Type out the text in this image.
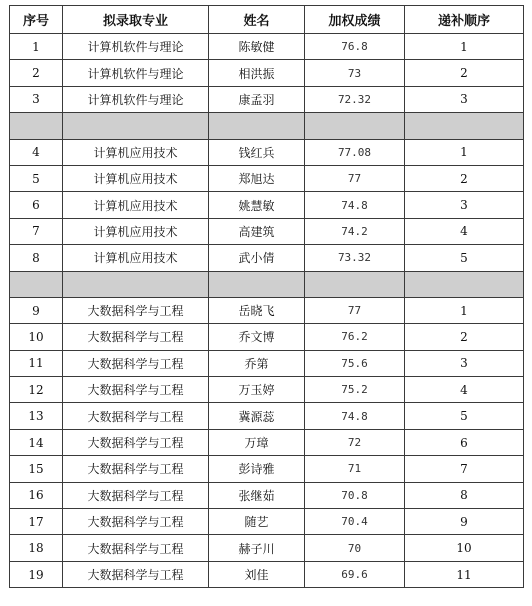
序号	拟录取专业	姓名	加权成绩	递补顺序
1	计算机软件与理论	陈敏健	76.8	1
2	计算机软件与理论	相洪振	73	2
3	计算机软件与理论	康孟羽	72.32	3

4	计算机应用技术	钱红兵	77.08	1
5	计算机应用技术	郑旭达	77	2
6	计算机应用技术	姚慧敏	74.8	3
7	计算机应用技术	高建筑	74.2	4
8	计算机应用技术	武小倩	73.32	5

9	大数据科学与工程	岳晓飞	77	1
10	大数据科学与工程	乔文博	76.2	2
11	大数据科学与工程	乔第	75.6	3
12	大数据科学与工程	万玉婷	75.2	4
13	大数据科学与工程	冀源蕊	74.8	5
14	大数据科学与工程	万璋	72	6
15	大数据科学与工程	彭诗雅	71	7
16	大数据科学与工程	张继茹	70.8	8
17	大数据科学与工程	随艺	70.4	9
18	大数据科学与工程	赫子川	70	10
19	大数据科学与工程	刘佳	69.6	11
